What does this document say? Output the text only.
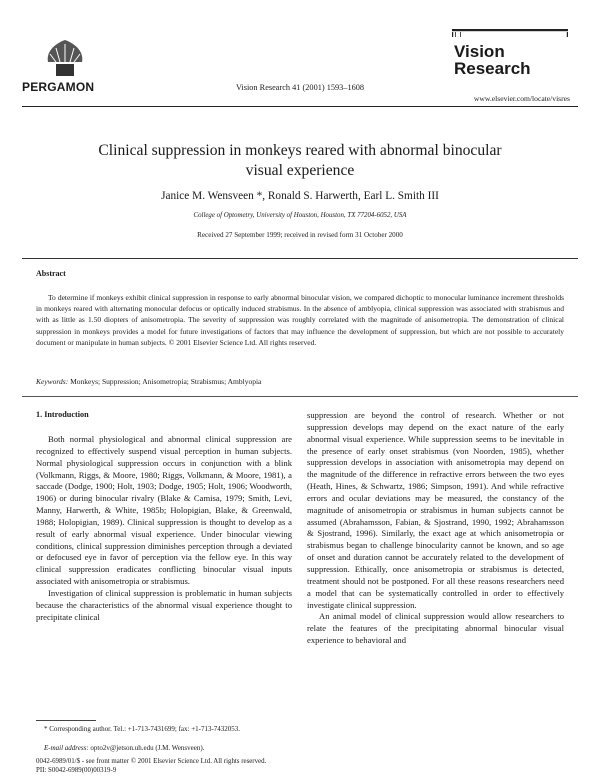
PERGAMON	Vision Research 41 (2001) 1593–1608
Vision
Research
www.elsevier.com/locate/visres
Clinical suppression in monkeys reared with abnormal binocular
visual experience
Janice M. Wensveen *, Ronald S. Harwerth, Earl L. Smith III
College of Optometry, University of Houston, Houston, TX 77204-6052, USA
Received 27 September 1999; received in revised form 31 October 2000
Abstract
To determine if monkeys exhibit clinical suppression in response to early abnormal binocular vision, we compared dichoptic to monocular luminance increment thresholds in monkeys reared with alternating monocular defocus or optically induced strabismus. In the absence of amblyopia, clinical suppression was associated with strabismus and with as little as 1.50 diopters of anisometropia. The severity of suppression was roughly correlated with the magnitude of anisometropia. The demonstration of clinical suppression in monkeys provides a model for future investigations of factors that may influence the development of suppression, but which are not possible to accurately document or manipulate in human subjects. © 2001 Elsevier Science Ltd. All rights reserved.
Keywords: Monkeys; Suppression; Anisometropia; Strabismus; Amblyopia
1. Introduction

Both normal physiological and abnormal clinical suppression are recognized to effectively suspend visual perception in human subjects. Normal physiological suppression occurs in conjunction with a blink (Volkmann, Riggs, & Moore, 1980; Riggs, Volkmann, & Moore, 1981), a saccade (Dodge, 1900; Holt, 1903; Dodge, 1905; Holt, 1906; Woodworth, 1906) or during binocular rivalry (Blake & Camisa, 1979; Smith, Levi, Manny, Harwerth, & White, 1985b; Holopigian, Blake, & Greenwald, 1988; Holopigian, 1989). Clinical suppression is thought to develop as a result of early abnormal visual experience. Under binocular viewing conditions, clinical suppression diminishes perception through a deviated or defocused eye in favor of perception via the fellow eye. In this way clinical suppression eradicates conflicting binocular visual inputs associated with anisometropia or strabismus.

Investigation of clinical suppression is problematic in human subjects because the characteristics of the abnormal visual experience thought to precipitate clinical

suppression are beyond the control of research. Whether or not suppression develops may depend on the exact nature of the early abnormal visual experience. While suppression seems to be inevitable in the presence of early onset strabismus (von Noorden, 1985), whether suppression develops in association with anisometropia may depend on the magnitude of the difference in refractive errors between the two eyes (Heath, Hines, & Schwartz, 1986; Simpson, 1991). And while refractive errors and ocular deviations may be measured, the constancy of the magnitude of anisometropia or strabismus in human subjects cannot be assumed (Abrahamsson, Fabian, & Sjostrand, 1990, 1992; Abrahamsson & Sjostrand, 1996). Similarly, the exact age at which anisometropia or strabismus began to challenge binocularity cannot be known, and so age of onset and duration cannot be accurately related to the development of suppression. Ethically, once anisometropia or strabismus is detected, treatment should not be postponed. For all these reasons researchers need a model that can be systematically controlled in order to effectively investigate clinical suppression.

An animal model of clinical suppression would allow researchers to relate the features of the precipitating abnormal binocular visual experience to behavioral and

* Corresponding author. Tel.: +1-713-7431699; fax: +1-713-7432053.
E-mail address: opto2v@jetson.uh.edu (J.M. Wensveen).
0042-6989/01/$ - see front matter © 2001 Elsevier Science Ltd. All rights reserved.
PII: S0042-6989(00)00319-9
